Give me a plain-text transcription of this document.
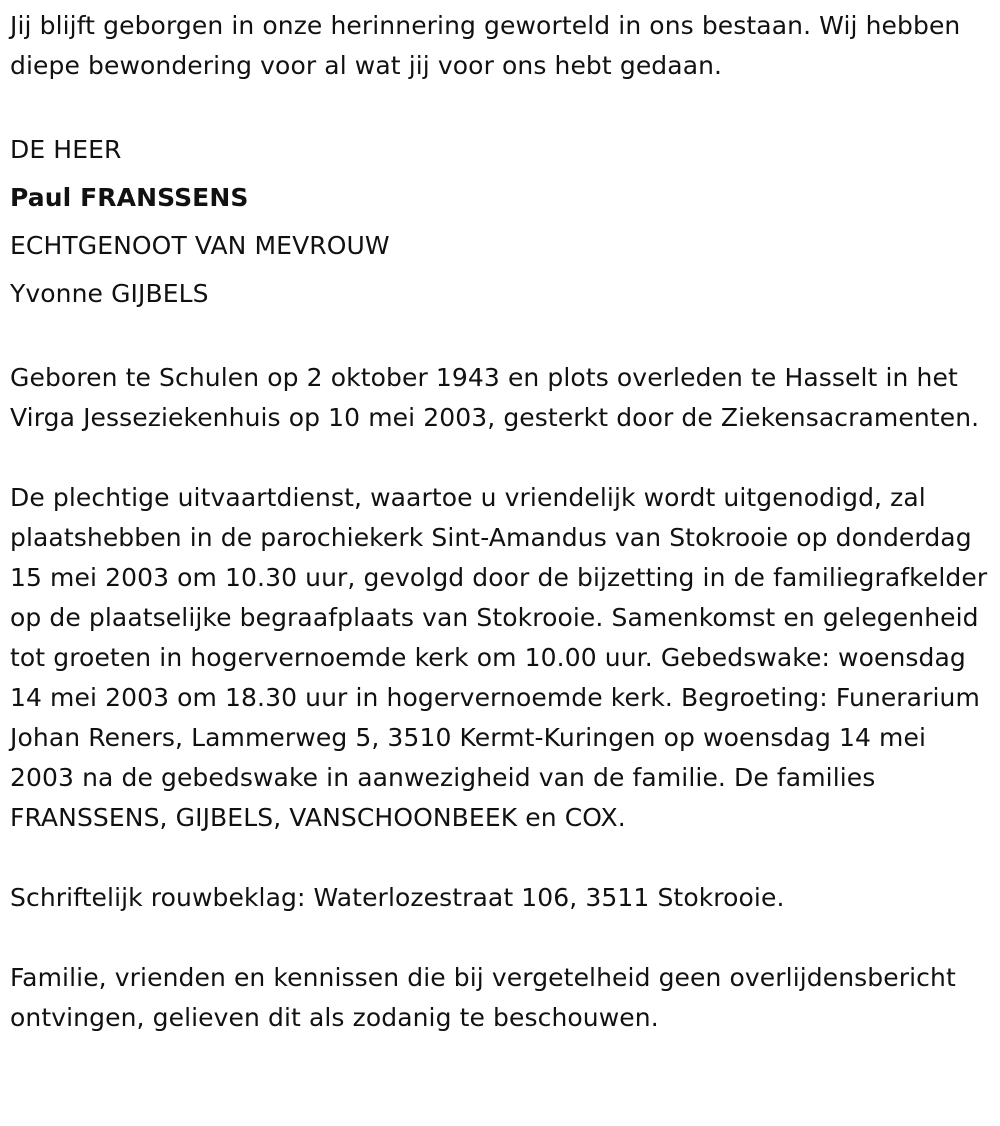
Jij blijft geborgen in onze herinnering geworteld in ons bestaan. Wij hebben diepe bewondering voor al wat jij voor ons hebt gedaan.

DE HEER

Paul FRANSSENS

ECHTGENOOT VAN MEVROUW

Yvonne GIJBELS

Geboren te Schulen op 2 oktober 1943 en plots overleden te Hasselt in het Virga Jesseziekenhuis op 10 mei 2003, gesterkt door de Ziekensacramenten.

De plechtige uitvaartdienst, waartoe u vriendelijk wordt uitgenodigd, zal plaatshebben in de parochiekerk Sint-Amandus van Stokrooie op donderdag 15 mei 2003 om 10.30 uur, gevolgd door de bijzetting in de familiegrafkelder op de plaatselijke begraafplaats van Stokrooie. Samenkomst en gelegenheid tot groeten in hogervernoemde kerk om 10.00 uur. Gebedswake: woensdag 14 mei 2003 om 18.30 uur in hogervernoemde kerk. Begroeting: Funerarium Johan Reners, Lammerweg 5, 3510 Kermt-Kuringen op woensdag 14 mei 2003 na de gebedswake in aanwezigheid van de familie. De families FRANSSENS, GIJBELS, VANSCHOONBEEK en COX.

Schriftelijk rouwbeklag: Waterlozestraat 106, 3511 Stokrooie.

Familie, vrienden en kennissen die bij vergetelheid geen overlijdensbericht ontvingen, gelieven dit als zodanig te beschouwen.
